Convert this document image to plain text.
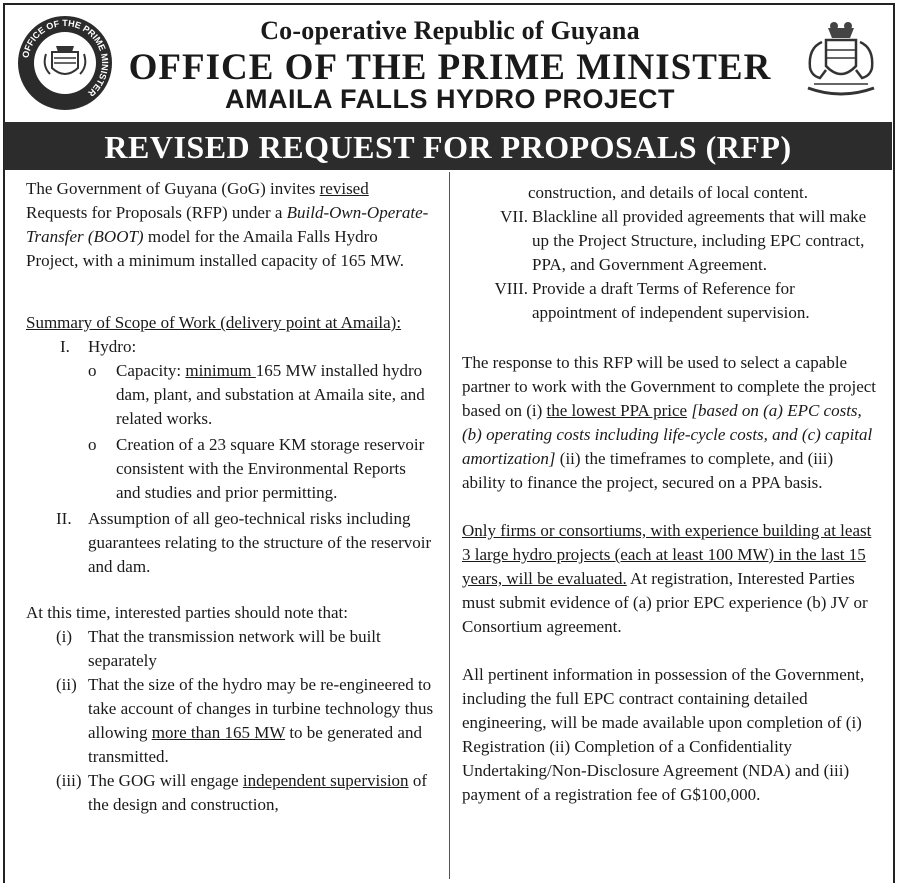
OFFICE OF THE PRIME MINISTER
Co-operative Republic of Guyana
OFFICE OF THE PRIME MINISTER
AMAILA FALLS HYDRO PROJECT
REVISED REQUEST FOR PROPOSALS (RFP)

The Government of Guyana (GoG) invites revised Requests for Proposals (RFP) under a Build-Own-Operate-Transfer (BOOT) model for the Amaila Falls Hydro Project, with a minimum installed capacity of 165 MW.

Summary of Scope of Work (delivery point at Amaila):

I.	Hydro:
o	Capacity: minimum 165 MW installed hydro dam, plant, and substation at Amaila site, and related works.
o	Creation of a 23 square KM storage reservoir consistent with the Environmental Reports and studies and prior permitting.
II. Assumption of all geo-technical risks including guarantees relating to the structure of the reservoir and dam.

At this time, interested parties should note that:

(i) That the transmission network will be built separately
(ii) That the size of the hydro may be re-engineered to take account of changes in turbine technology thus allowing more than 165 MW to be generated and transmitted.
(iii) The GOG will engage independent supervision of the design and construction,

construction, and details of local content.

VII. Blackline all provided agreements that will make up the Project Structure, including EPC contract, PPA, and Government Agreement.
VIII. Provide a draft Terms of Reference for appointment of independent supervision.

The response to this RFP will be used to select a capable partner to work with the Government to complete the project based on (i) the lowest PPA price [based on (a) EPC costs, (b) operating costs including life-cycle costs, and (c) capital amortization] (ii) the timeframes to complete, and (iii) ability to finance the project, secured on a PPA basis.

Only firms or consortiums, with experience building at least 3 large hydro projects (each at least 100 MW) in the last 15 years, will be evaluated. At registration, Interested Parties must submit evidence of (a) prior EPC experience (b) JV or Consortium agreement.

All pertinent information in possession of the Government, including the full EPC contract containing detailed engineering, will be made available upon completion of (i) Registration (ii) Completion of a Confidentiality Undertaking/Non-Disclosure Agreement (NDA) and (iii) payment of a registration fee of G$100,000.
